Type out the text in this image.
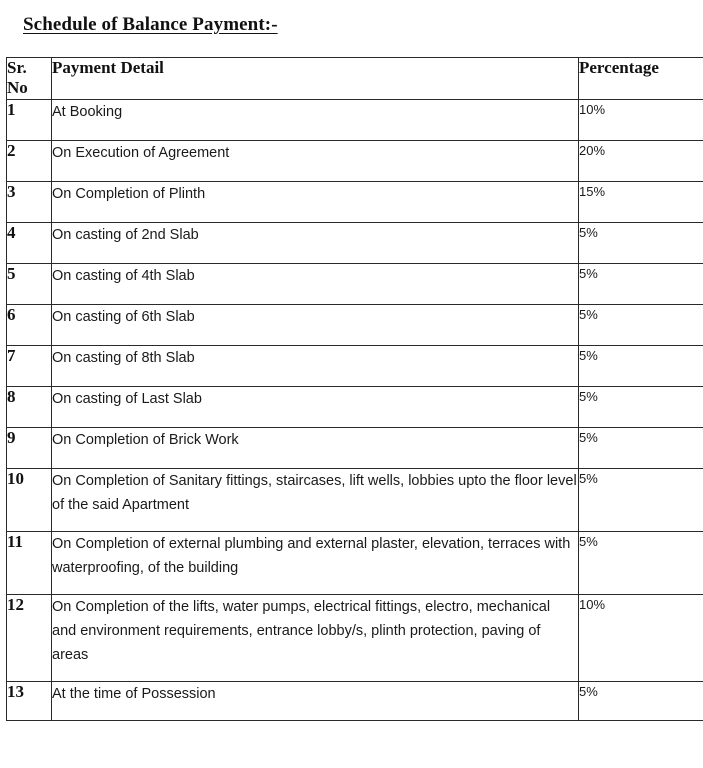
Schedule of Balance Payment:-
Sr. No	Payment Detail	Percentage
1	At Booking	10%
2	On Execution of Agreement	20%
3	On Completion of Plinth	15%
4	On casting of 2nd Slab	5%
5	On casting of 4th Slab	5%
6	On casting of 6th Slab	5%
7	On casting of 8th Slab	5%
8	On casting of Last Slab	5%
9	On Completion of Brick Work	5%
10	On Completion of Sanitary fittings, staircases, lift wells, lobbies upto the floor level of the said Apartment	5%
11	On Completion of external plumbing and external plaster, elevation, terraces with waterproofing, of the building	5%
12	On Completion of the lifts, water pumps, electrical fittings, electro, mechanical and environment requirements, entrance lobby/s, plinth protection, paving of areas	10%
13	At the time of Possession	5%
